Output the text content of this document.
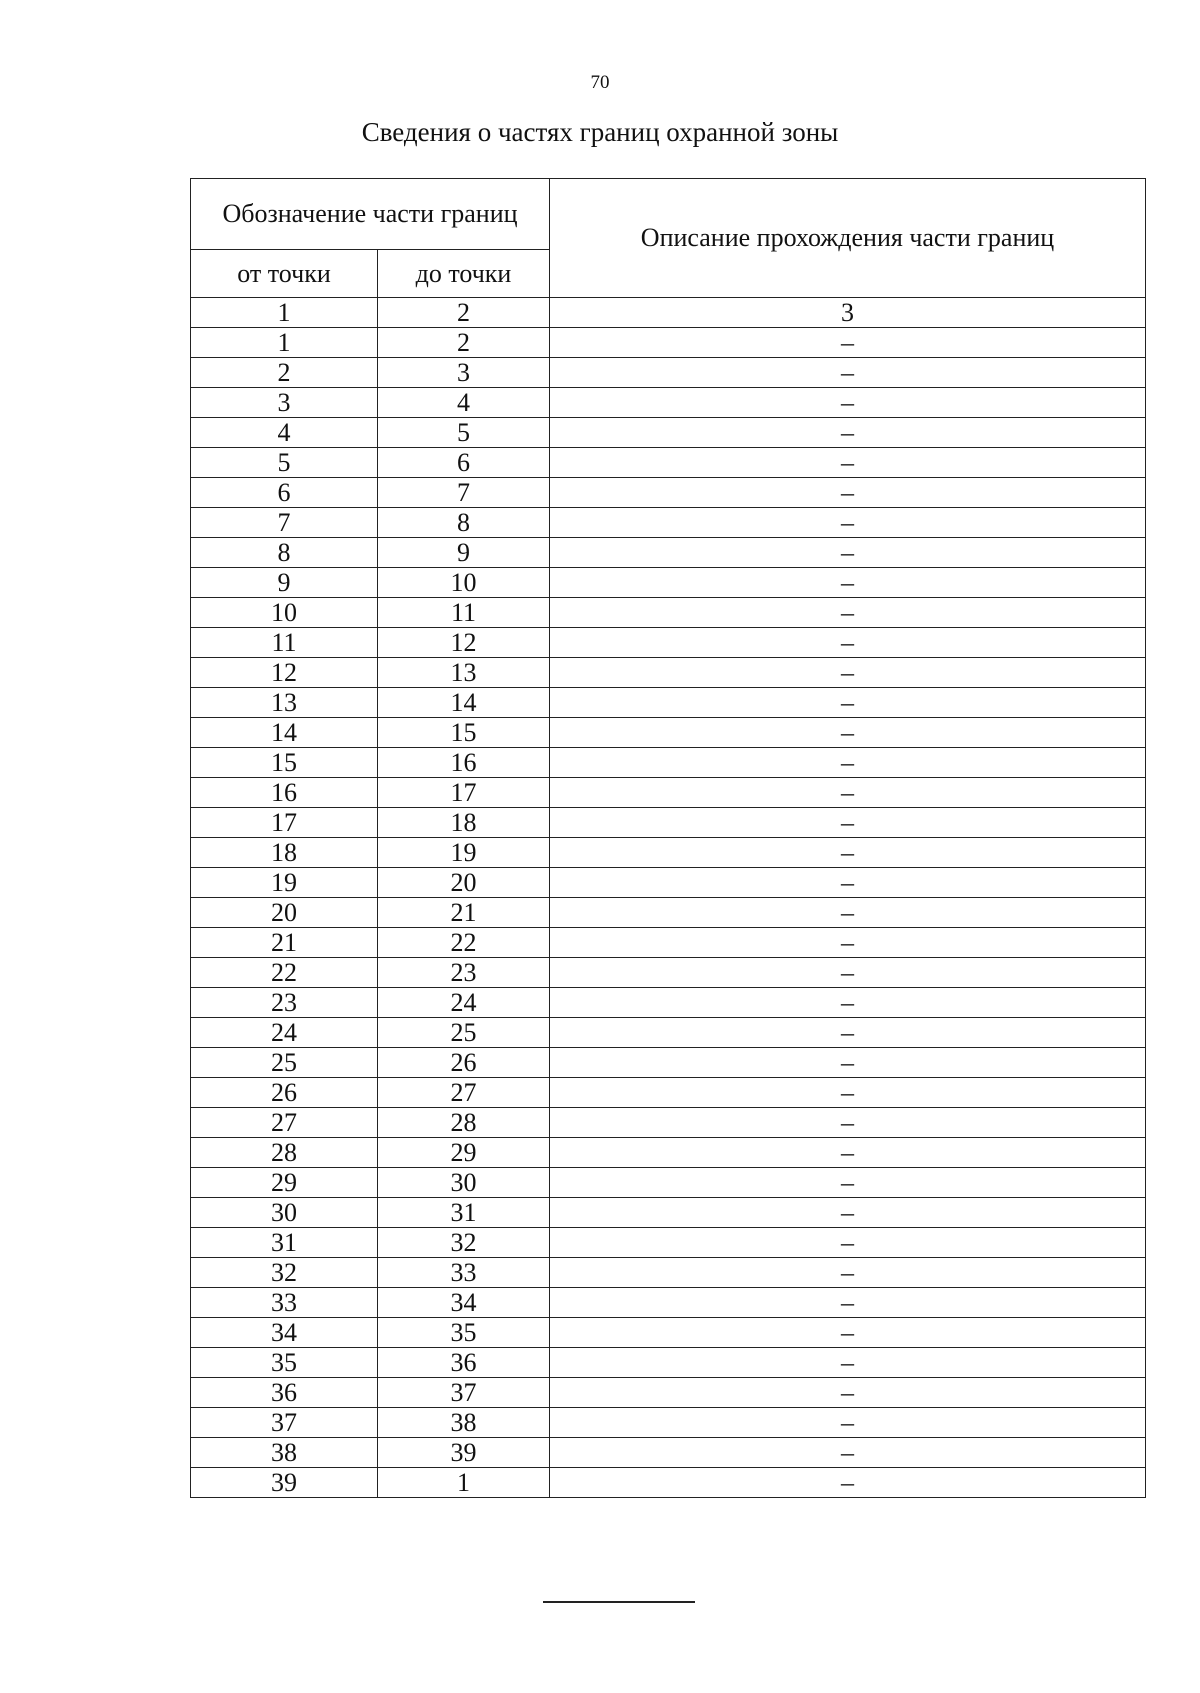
70
Сведения о частях границ охранной зоны
Обозначение части границ		Описание прохождения части границ
от точки	до точки	
1	2	3
1	2	–
2	3	–
3	4	–
4	5	–
5	6	–
6	7	–
7	8	–
8	9	–
9	10	–
10	11	–
11	12	–
12	13	–
13	14	–
14	15	–
15	16	–
16	17	–
17	18	–
18	19	–
19	20	–
20	21	–
21	22	–
22	23	–
23	24	–
24	25	–
25	26	–
26	27	–
27	28	–
28	29	–
29	30	–
30	31	–
31	32	–
32	33	–
33	34	–
34	35	–
35	36	–
36	37	–
37	38	–
38	39	–
39	1	–
